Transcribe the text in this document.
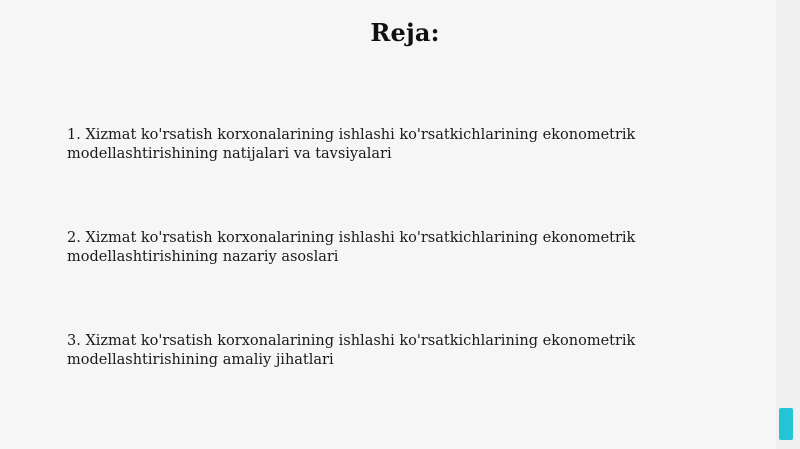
Reja:
1. Xizmat ko'rsatish korxonalarining ishlashi ko'rsatkichlarining ekonometrik
modellashtirishining natijalari va tavsiyalari
2. Xizmat ko'rsatish korxonalarining ishlashi ko'rsatkichlarining ekonometrik
modellashtirishining nazariy asoslari
3. Xizmat ko'rsatish korxonalarining ishlashi ko'rsatkichlarining ekonometrik
modellashtirishining amaliy jihatlari
